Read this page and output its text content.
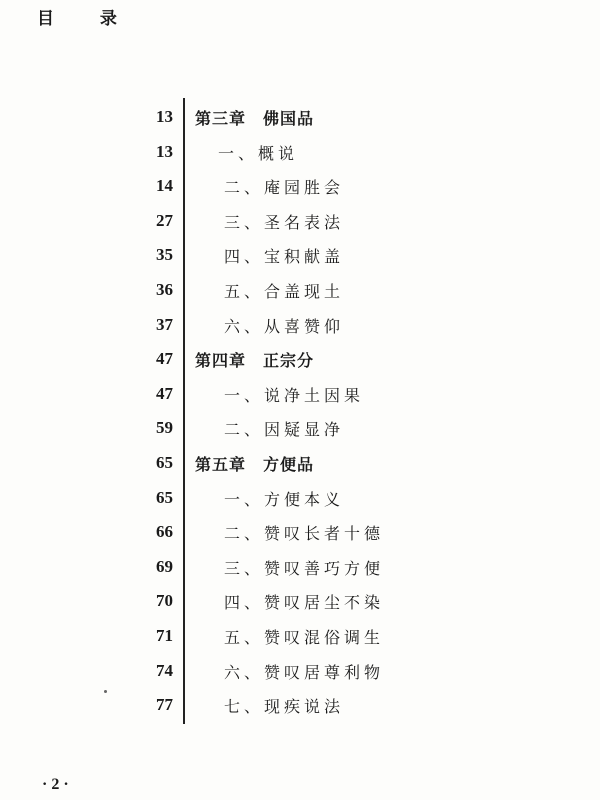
目 录
13 第三章　佛国品
13	一、概说
14	二、庵园胜会
27	三、圣名表法
35	四、宝积献盖
36	五、合盖现土
37	六、从喜赞仰
47 第四章　正宗分
47	一、说净土因果
59	二、因疑显净
65 第五章　方便品
65	一、方便本义
66	二、赞叹长者十德
69	三、赞叹善巧方便
70	四、赞叹居尘不染
71	五、赞叹混俗调生
74	六、赞叹居尊利物
77	七、现疾说法
· 2 ·
